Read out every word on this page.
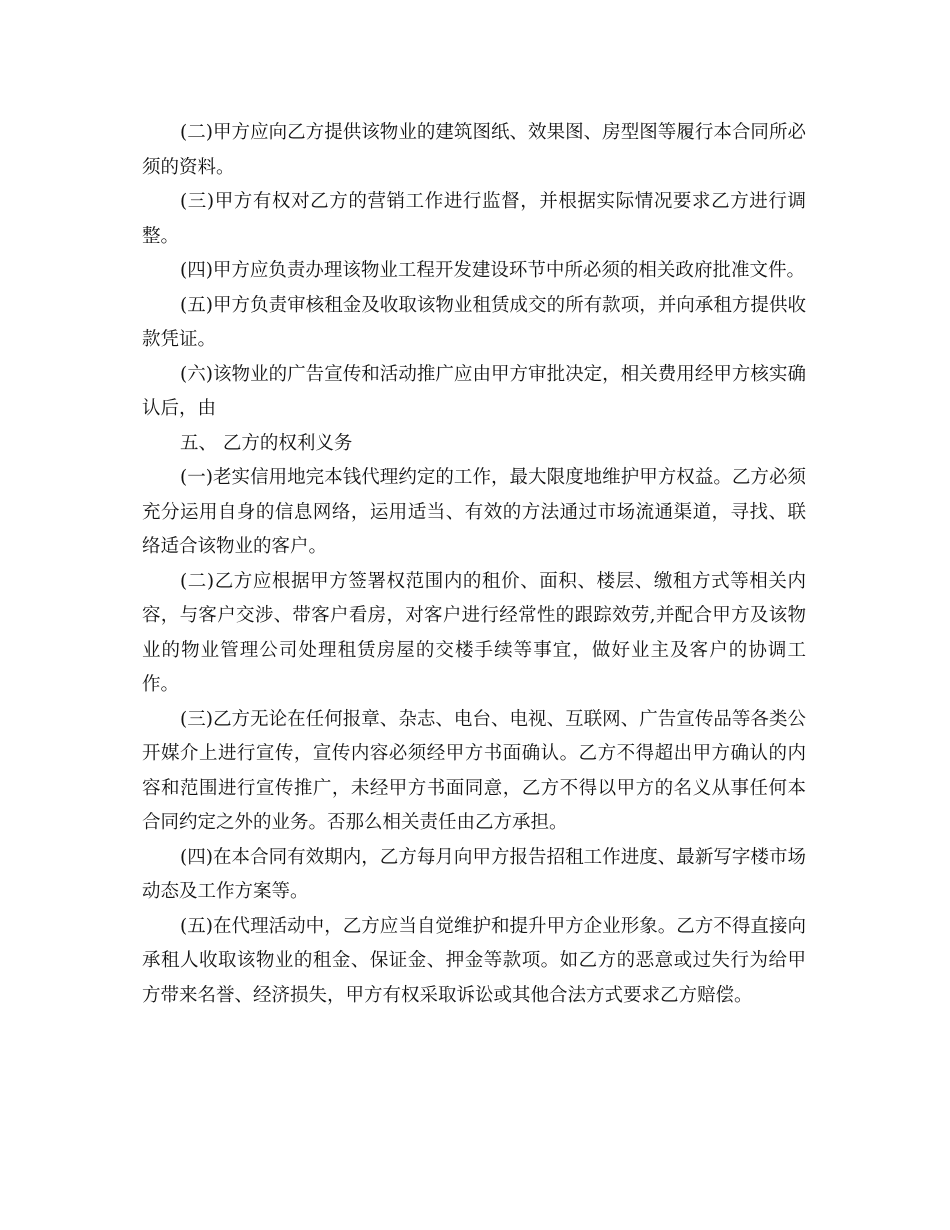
(二)甲方应向乙方提供该物业的建筑图纸、效果图、房型图等履行本合同所必须的资料。

(三)甲方有权对乙方的营销工作进行监督，并根据实际情况要求乙方进行调整。

(四)甲方应负责办理该物业工程开发建设环节中所必须的相关政府批准文件。

(五)甲方负责审核租金及收取该物业租赁成交的所有款项，并向承租方提供收款凭证。

(六)该物业的广告宣传和活动推广应由甲方审批决定，相关费用经甲方核实确认后，由

五、 乙方的权利义务

(一)老实信用地完本钱代理约定的工作，最大限度地维护甲方权益。乙方必须充分运用自身的信息网络，运用适当、有效的方法通过市场流通渠道，寻找、联络适合该物业的客户。

(二)乙方应根据甲方签署权范围内的租价、面积、楼层、缴租方式等相关内容，与客户交涉、带客户看房，对客户进行经常性的跟踪效劳,并配合甲方及该物业的物业管理公司处理租赁房屋的交楼手续等事宜，做好业主及客户的协调工作。

(三)乙方无论在任何报章、杂志、电台、电视、互联网、广告宣传品等各类公开媒介上进行宣传，宣传内容必须经甲方书面确认。乙方不得超出甲方确认的内容和范围进行宣传推广，未经甲方书面同意，乙方不得以甲方的名义从事任何本合同约定之外的业务。否那么相关责任由乙方承担。

(四)在本合同有效期内，乙方每月向甲方报告招租工作进度、最新写字楼市场动态及工作方案等。

(五)在代理活动中，乙方应当自觉维护和提升甲方企业形象。乙方不得直接向承租人收取该物业的租金、保证金、押金等款项。如乙方的恶意或过失行为给甲方带来名誉、经济损失，甲方有权采取诉讼或其他合法方式要求乙方赔偿。
